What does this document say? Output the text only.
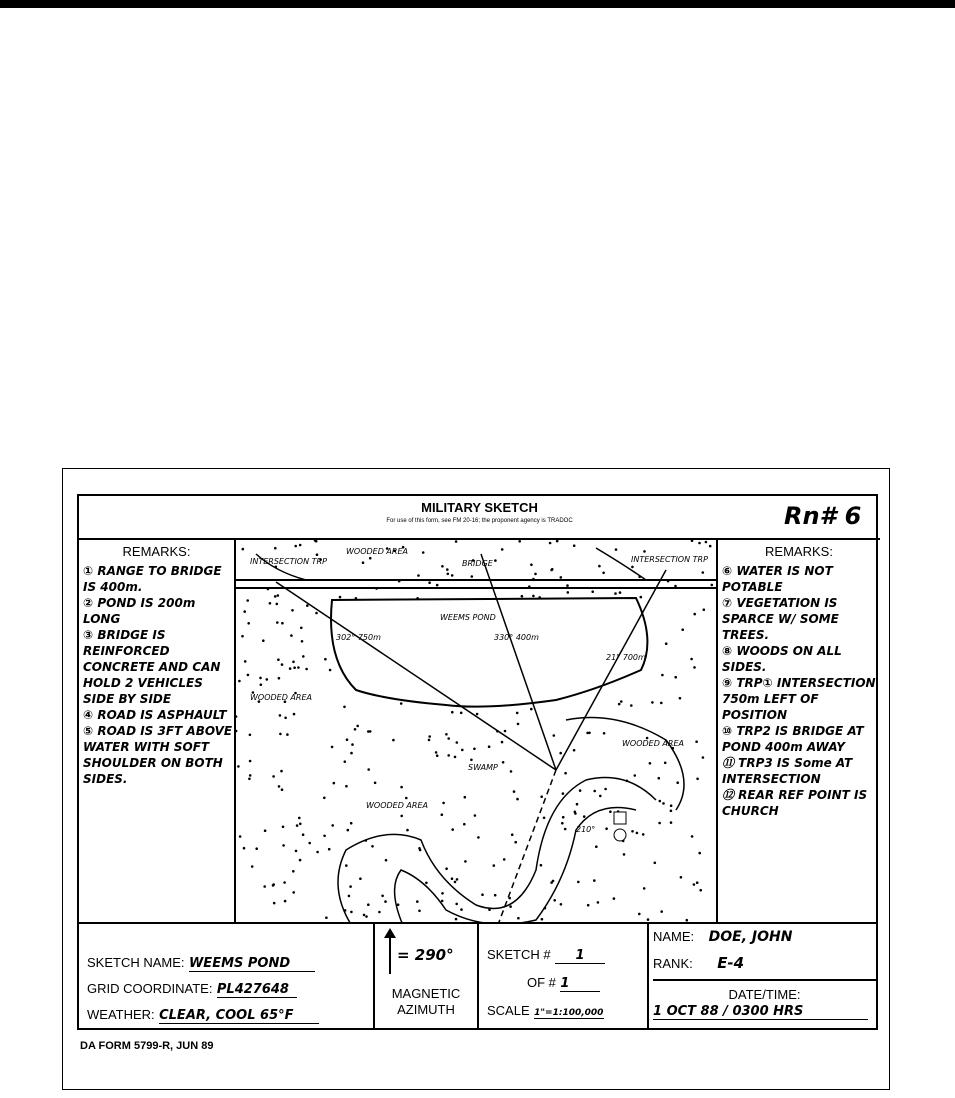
MILITARY SKETCH
For use of this form, see FM 20-16; the proponent agency is TRADOC	Rn# 6
REMARKS:
① RANGE TO BRIDGE IS 400m.
② POND IS 200m LONG
③ BRIDGE IS REINFORCED CONCRETE AND CAN HOLD 2 VEHICLES SIDE BY SIDE
④ ROAD IS ASPHAULT
⑤ ROAD IS 3FT ABOVE WATER WITH SOFT SHOULDER ON BOTH SIDES.
INTERSECTION TRP
WOODED AREA
BRIDGE	INTERSECTION TRP
WEEMS POND
WOODED AREA
SWAMP
WOODED AREA
WOODED AREA
302° 750m	330° 400m
21° 700m
210°
REMARKS:
⑥ WATER IS NOT POTABLE
⑦ VEGETATION IS SPARCE W/ SOME TREES.
⑧ WOODS ON ALL SIDES.
⑨ TRP① INTERSECTION 750m LEFT OF POSITION
⑩ TRP2 IS BRIDGE AT POND 400m AWAY
⑪ TRP3 IS Some AT INTERSECTION
⑫ REAR REF POINT IS CHURCH
SKETCH NAME: WEEMS POND
GRID COORDINATE: PL427648
WEATHER: CLEAR, COOL 65°F
= 290°
MAGNETIC
AZIMUTH
SKETCH # 1
OF # 1
SCALE 1"=1:100,000
NAME: DOE, JOHN
RANK: E-4
DATE/TIME:
1 OCT 88 / 0300 HRS
DA FORM 5799-R, JUN 89
